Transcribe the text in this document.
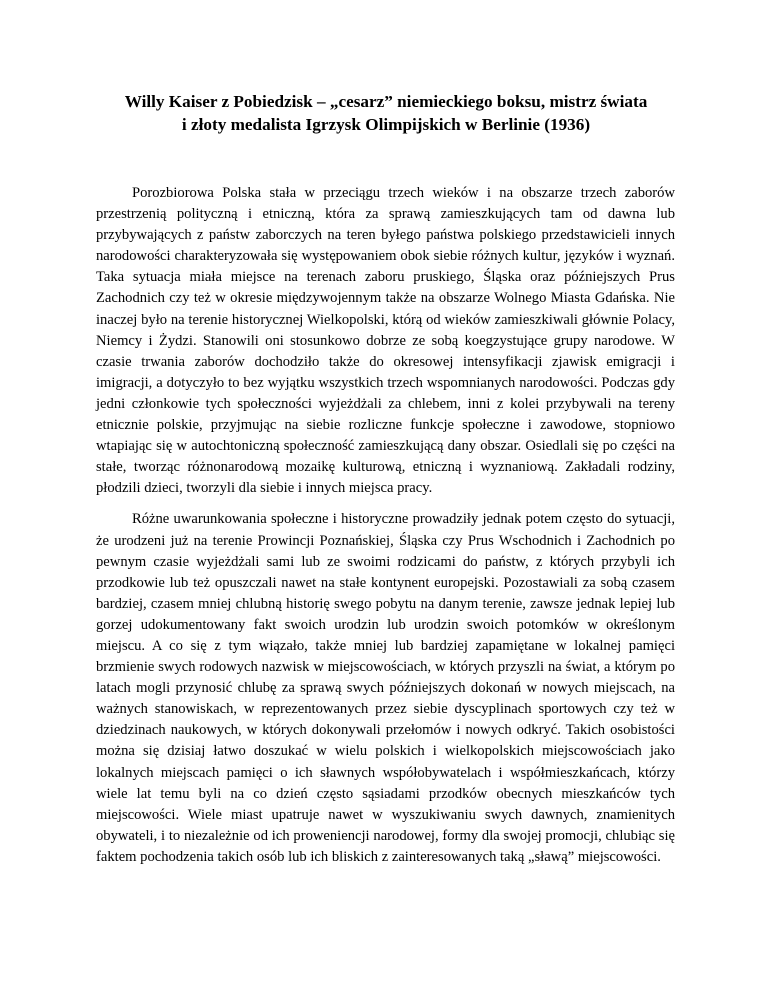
Willy Kaiser z Pobiedzisk – „cesarz” niemieckiego boksu, mistrz świata
i złoty medalista Igrzysk Olimpijskich w Berlinie (1936)

Porozbiorowa Polska stała w przeciągu trzech wieków i na obszarze trzech zaborów przestrzenią polityczną i etniczną, która za sprawą zamieszkujących tam od dawna lub przybywających z państw zaborczych na teren byłego państwa polskiego przedstawicieli innych narodowości charakteryzowała się występowaniem obok siebie różnych kultur, języków i wyznań. Taka sytuacja miała miejsce na terenach zaboru pruskiego, Śląska oraz późniejszych Prus Zachodnich czy też w okresie międzywojennym także na obszarze Wolnego Miasta Gdańska. Nie inaczej było na terenie historycznej Wielkopolski, którą od wieków zamieszkiwali głównie Polacy, Niemcy i Żydzi. Stanowili oni stosunkowo dobrze ze sobą koegzystujące grupy narodowe. W czasie trwania zaborów dochodziło także do okresowej intensyfikacji zjawisk emigracji i imigracji, a dotyczyło to bez wyjątku wszystkich trzech wspomnianych narodowości. Podczas gdy jedni członkowie tych społeczności wyjeżdżali za chlebem, inni z kolei przybywali na tereny etnicznie polskie, przyjmując na siebie rozliczne funkcje społeczne i zawodowe, stopniowo wtapiając się w autochtoniczną społeczność zamieszkującą dany obszar. Osiedlali się po części na stałe, tworząc różnonarodową mozaikę kulturową, etniczną i wyznaniową. Zakładali rodziny, płodzili dzieci, tworzyli dla siebie i innych miejsca pracy.

Różne uwarunkowania społeczne i historyczne prowadziły jednak potem często do sytuacji, że urodzeni już na terenie Prowincji Poznańskiej, Śląska czy Prus Wschodnich i Zachodnich po pewnym czasie wyjeżdżali sami lub ze swoimi rodzicami do państw, z których przybyli ich przodkowie lub też opuszczali nawet na stałe kontynent europejski. Pozostawiali za sobą czasem bardziej, czasem mniej chlubną historię swego pobytu na danym terenie, zawsze jednak lepiej lub gorzej udokumentowany fakt swoich urodzin lub urodzin swoich potomków w określonym miejscu. A co się z tym wiązało, także mniej lub bardziej zapamiętane w lokalnej pamięci brzmienie swych rodowych nazwisk w miejscowościach, w których przyszli na świat, a którym po latach mogli przynosić chlubę za sprawą swych późniejszych dokonań w nowych miejscach, na ważnych stanowiskach, w reprezentowanych przez siebie dyscyplinach sportowych czy też w dziedzinach naukowych, w których dokonywali przełomów i nowych odkryć. Takich osobistości można się dzisiaj łatwo doszukać w wielu polskich i wielkopolskich miejscowościach jako lokalnych miejscach pamięci o ich sławnych współobywatelach i współmieszkańcach, którzy wiele lat temu byli na co dzień często sąsiadami przodków obecnych mieszkańców tych miejscowości. Wiele miast upatruje nawet w wyszukiwaniu swych dawnych, znamienitych obywateli, i to niezależnie od ich proweniencji narodowej, formy dla swojej promocji, chlubiąc się faktem pochodzenia takich osób lub ich bliskich z zainteresowanych taką „sławą” miejscowości.
